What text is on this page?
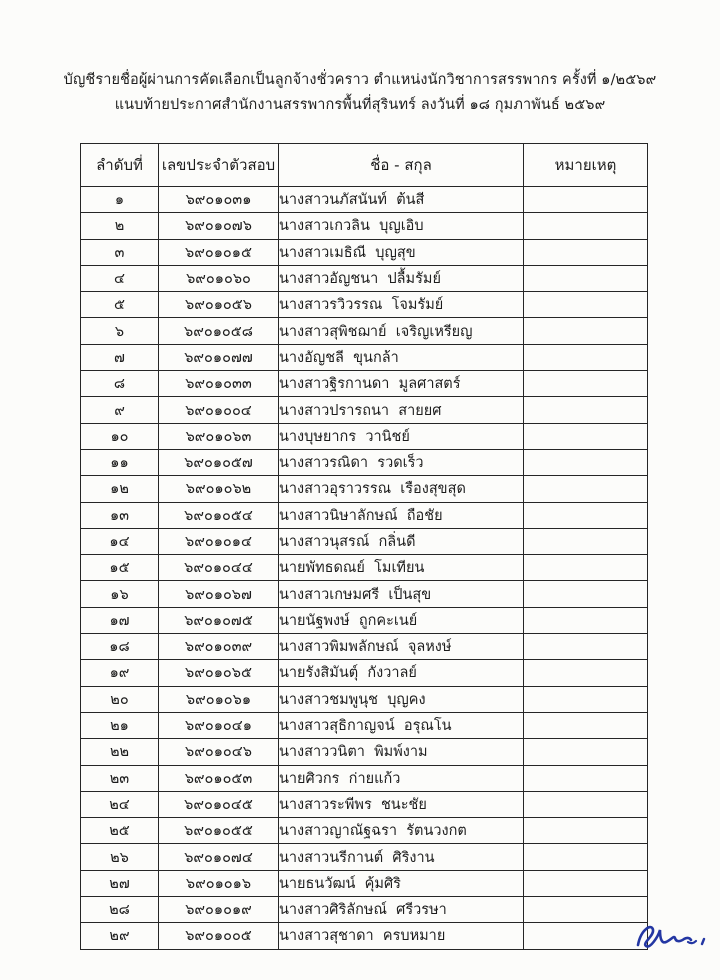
บัญชีรายชื่อผู้ผ่านการคัดเลือกเป็นลูกจ้างชั่วคราว ตำแหน่งนักวิชาการสรรพากร ครั้งที่ ๑/๒๕๖๙
แนบท้ายประกาศสำนักงานสรรพากรพื้นที่สุรินทร์ ลงวันที่ ๑๘ กุมภาพันธ์ ๒๕๖๙
ลำดับที่	เลขประจำตัวสอบ	ชื่อ - สกุล	หมายเหตุ
๑	๖๙๐๑๐๓๑	นางสาวนภัสนันท์  ต้นสี	
๒	๖๙๐๑๐๗๖	นางสาวเกวลิน  บุญเอิบ	
๓	๖๙๐๑๐๑๕	นางสาวเมธิณี  บุญสุข	
๔	๖๙๐๑๐๖๐	นางสาวอัญชนา  ปลื้มรัมย์	
๕	๖๙๐๑๐๕๖	นางสาวรวิวรรณ  โจมรัมย์	
๖	๖๙๐๑๐๕๘	นางสาวสุพิชฌาย์  เจริญเหรียญ	
๗	๖๙๐๑๐๗๗	นางอัญชลี  ขุนกล้า	
๘	๖๙๐๑๐๓๓	นางสาวฐิรกานดา  มูลศาสตร์	
๙	๖๙๐๑๐๐๔	นางสาวปรารถนา  สายยศ	
๑๐	๖๙๐๑๐๖๓	นางบุษยากร  วานิชย์	
๑๑	๖๙๐๑๐๕๗	นางสาวรณิดา  รวดเร็ว	
๑๒	๖๙๐๑๐๖๒	นางสาวอุราวรรณ  เรืองสุขสุด	
๑๓	๖๙๐๑๐๕๔	นางสาวนิษาลักษณ์  ถือชัย	
๑๔	๖๙๐๑๐๑๔	นางสาวนุสรณ์  กลิ่นดี	
๑๕	๖๙๐๑๐๔๔	นายพัทธดณย์  โมเทียน	
๑๖	๖๙๐๑๐๖๗	นางสาวเกษมศรี  เป็นสุข	
๑๗	๖๙๐๑๐๗๕	นายนัฐพงษ์  ถูกคะเนย์	
๑๘	๖๙๐๑๐๓๙	นางสาวพิมพลักษณ์  จุลหงษ์	
๑๙	๖๙๐๑๐๖๕	นายรังสิมันตุ์  กังวาลย์	
๒๐	๖๙๐๑๐๖๑	นางสาวชมพูนุช  บุญคง	
๒๑	๖๙๐๑๐๔๑	นางสาวสุธิกาญจน์  อรุณโน	
๒๒	๖๙๐๑๐๔๖	นางสาววนิตา  พิมพ์งาม	
๒๓	๖๙๐๑๐๕๓	นายศิวกร  ก่ายแก้ว	
๒๔	๖๙๐๑๐๔๕	นางสาวระพีพร  ชนะชัย	
๒๕	๖๙๐๑๐๕๕	นางสาวญาณัฐฉรา  รัตนวงกต	
๒๖	๖๙๐๑๐๗๔	นางสาวนรีกานต์  ศิริงาน	
๒๗	๖๙๐๑๐๑๖	นายธนวัฒน์  คุ้มศิริ	
๒๘	๖๙๐๑๐๑๙	นางสาวศิริลักษณ์  ศรีวรษา	
๒๙	๖๙๐๑๐๐๕	นางสาวสุชาดา  ครบหมาย	
